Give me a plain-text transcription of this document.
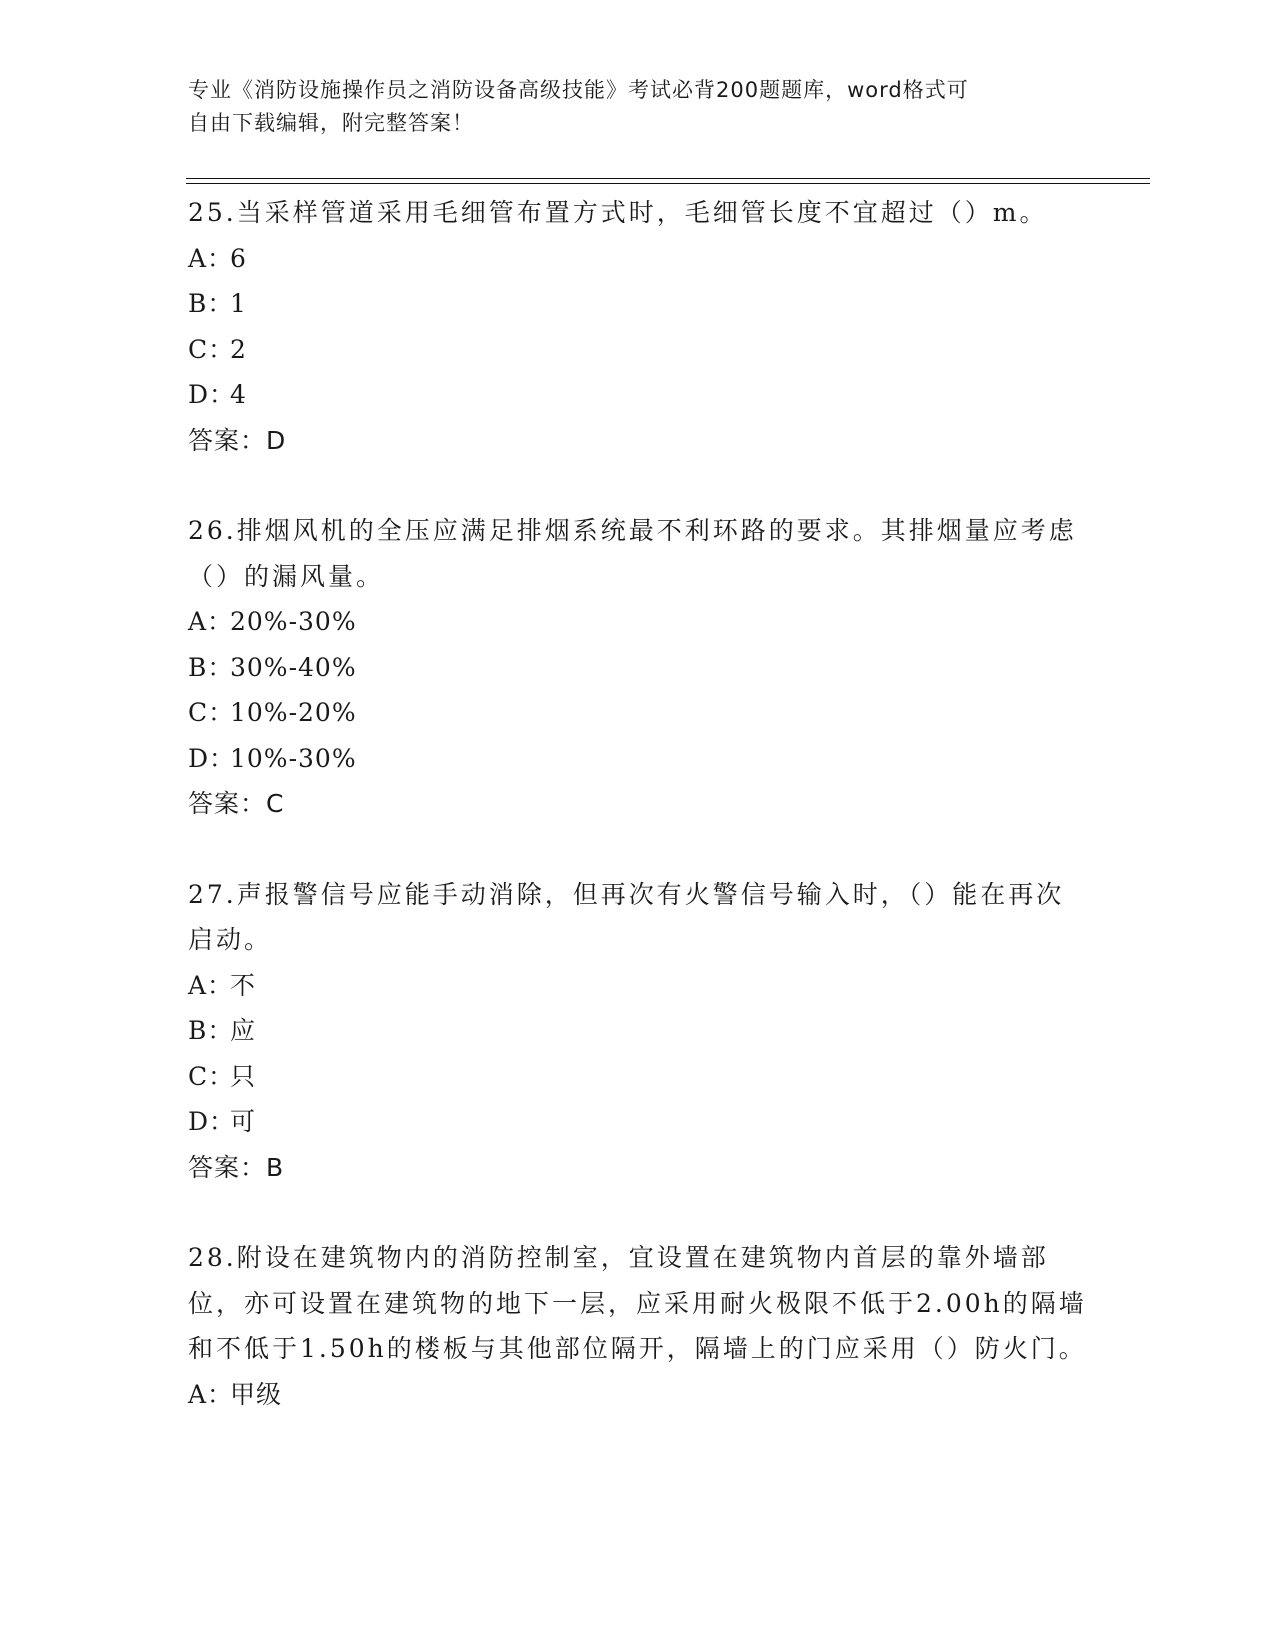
专业《消防设施操作员之消防设备高级技能》考试必背200题题库，word格式可
自由下载编辑，附完整答案！
25.当采样管道采用毛细管布置方式时，毛细管长度不宜超过（）m。
A：6
B：1
C：2
D：4
答案：D
26.排烟风机的全压应满足排烟系统最不利环路的要求。其排烟量应考虑（）的漏风量。
A：20%-30%
B：30%-40%
C：10%-20%
D：10%-30%
答案：C
27.声报警信号应能手动消除，但再次有火警信号输入时，（）能在再次启动。
A：不
B：应
C：只
D：可
答案：B
28.附设在建筑物内的消防控制室，宜设置在建筑物内首层的靠外墙部位，亦可设置在建筑物的地下一层，应采用耐火极限不低于2.00h的隔墙和不低于1.50h的楼板与其他部位隔开，隔墙上的门应采用（）防火门。
A：甲级
